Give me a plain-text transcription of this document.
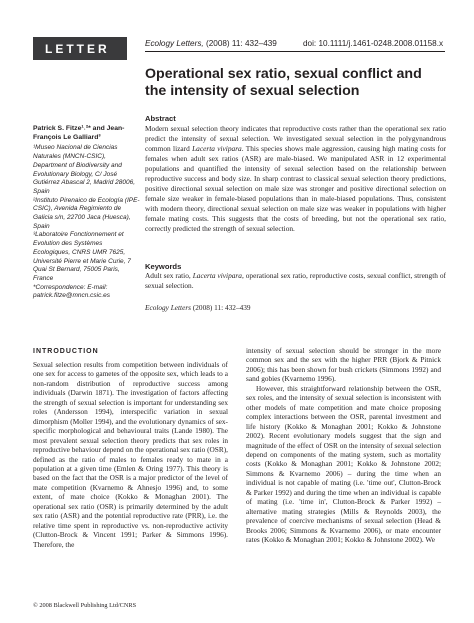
LETTER	Ecology Letters, (2008) 11: 432–439	doi: 10.1111/j.1461-0248.2008.01158.x
Operational sex ratio, sexual conflict and the intensity of sexual selection
Patrick S. Fitze¹˒²* and Jean-François Le Galliard³
¹Museo Nacional de Ciencias Naturales (MNCN-CSIC), Department of Biodiversity and Evolutionary Biology, C/ José Gutiérrez Abascal 2, Madrid 28006, Spain
²Instituto Pirenaico de Ecología (IPE-CSIC), Avenida Regimiento de Galicia s/n, 22700 Jaca (Huesca), Spain
³Laboratoire Fonctionnement et Evolution des Systèmes Ecologiques, CNRS UMR 7625, Université Pierre et Marie Curie, 7 Quai St Bernard, 75005 Paris, France
*Correspondence: E-mail: patrick.fitze@mncn.csic.es
Abstract
Modern sexual selection theory indicates that reproductive costs rather than the operational sex ratio predict the intensity of sexual selection. We investigated sexual selection in the polygynandrous common lizard Lacerta vivipara. This species shows male aggression, causing high mating costs for females when adult sex ratios (ASR) are male-biased. We manipulated ASR in 12 experimental populations and quantified the intensity of sexual selection based on the relationship between reproductive success and body size. In sharp contrast to classical sexual selection theory predictions, positive directional sexual selection on male size was stronger and positive directional selection on female size weaker in female-biased populations than in male-biased populations. Thus, consistent with modern theory, directional sexual selection on male size was weaker in populations with higher female mating costs. This suggests that the costs of breeding, but not the operational sex ratio, correctly predicted the strength of sexual selection.
Keywords
Adult sex ratio, Lacerta vivipara, operational sex ratio, reproductive costs, sexual conflict, strength of sexual selection.
Ecology Letters (2008) 11: 432–439
INTRODUCTION

Sexual selection results from competition between individuals of one sex for access to gametes of the opposite sex, which leads to a non-random distribution of reproductive success among individuals (Darwin 1871). The investigation of factors affecting the strength of sexual selection is important for understanding sex roles (Andersson 1994), interspecific variation in sexual dimorphism (Moller 1994), and the evolutionary dynamics of sex-specific morphological and behavioural traits (Lande 1980). The most prevalent sexual selection theory predicts that sex roles in reproductive behaviour depend on the operational sex ratio (OSR), defined as the ratio of males to females ready to mate in a population at a given time (Emlen & Oring 1977). This theory is based on the fact that the OSR is a major predictor of the level of mate competition (Kvarnemo & Ahnesjo 1996) and, to some extent, of mate choice (Kokko & Monaghan 2001). The operational sex ratio (OSR) is primarily determined by the adult sex ratio (ASR) and the potential reproductive rate (PRR), i.e. the relative time spent in reproductive vs. non-reproductive activity (Clutton-Brock & Vincent 1991; Parker & Simmons 1996). Therefore, the

intensity of sexual selection should be stronger in the more common sex and the sex with the higher PRR (Bjork & Pitnick 2006); this has been shown for bush crickets (Simmons 1992) and sand gobies (Kvarnemo 1996).

However, this straightforward relationship between the OSR, sex roles, and the intensity of sexual selection is inconsistent with other models of mate competition and mate choice proposing complex interactions between the OSR, parental investment and life history (Kokko & Monaghan 2001; Kokko & Johnstone 2002). Recent evolutionary models suggest that the sign and magnitude of the effect of OSR on the intensity of sexual selection depend on components of the mating system, such as mortality costs (Kokko & Monaghan 2001; Kokko & Johnstone 2002; Simmons & Kvarnemo 2006) – during the time when an individual is not capable of mating (i.e. 'time out', Clutton-Brock & Parker 1992) and during the time when an individual is capable of mating (i.e. 'time in', Clutton-Brock & Parker 1992) – alternative mating strategies (Mills & Reynolds 2003), the prevalence of coercive mechanisms of sexual selection (Head & Brooks 2006; Simmons & Kvarnemo 2006), or mate encounter rates (Kokko & Monaghan 2001; Kokko & Johnstone 2002). We

© 2008 Blackwell Publishing Ltd/CNRS
